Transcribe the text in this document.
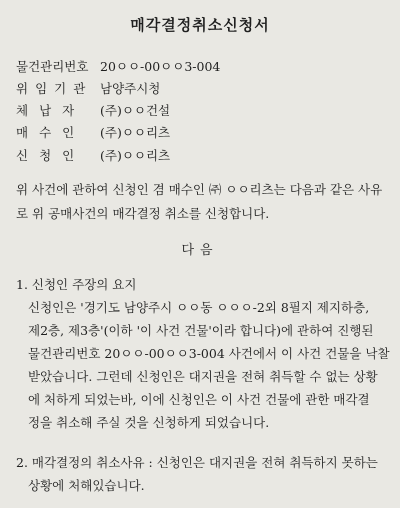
매각결정취소신청서
물건관리번호 20ㅇㅇ-00ㅇㅇ3-004
위임기관 남양주시청
체납자 (주)ㅇㅇ건설
매수인 (주)ㅇㅇ리츠
신청인 (주)ㅇㅇ리츠
위 사건에 관하여 신청인 겸 매수인 ㈜ ㅇㅇ리츠는 다음과 같은 사유
로 위 공매사건의 매각결정 취소를 신청합니다.
다음
1. 신청인 주장의 요지
신청인은 '경기도 남양주시 ㅇㅇ동 ㅇㅇㅇ-2외 8필지 제지하층,
제2층, 제3층'(이하 '이 사건 건물'이라 합니다)에 관하여 진행된
물건관리번호 20ㅇㅇ-00ㅇㅇ3-004 사건에서 이 사건 건물을 낙찰
받았습니다. 그런데 신청인은 대지권을 전혀 취득할 수 없는 상황
에 처하게 되었는바, 이에 신청인은 이 사건 건물에 관한 매각결
정을 취소해 주실 것을 신청하게 되었습니다.
2. 매각결정의 취소사유 : 신청인은 대지권을 전혀 취득하지 못하는
상황에 처해있습니다.
